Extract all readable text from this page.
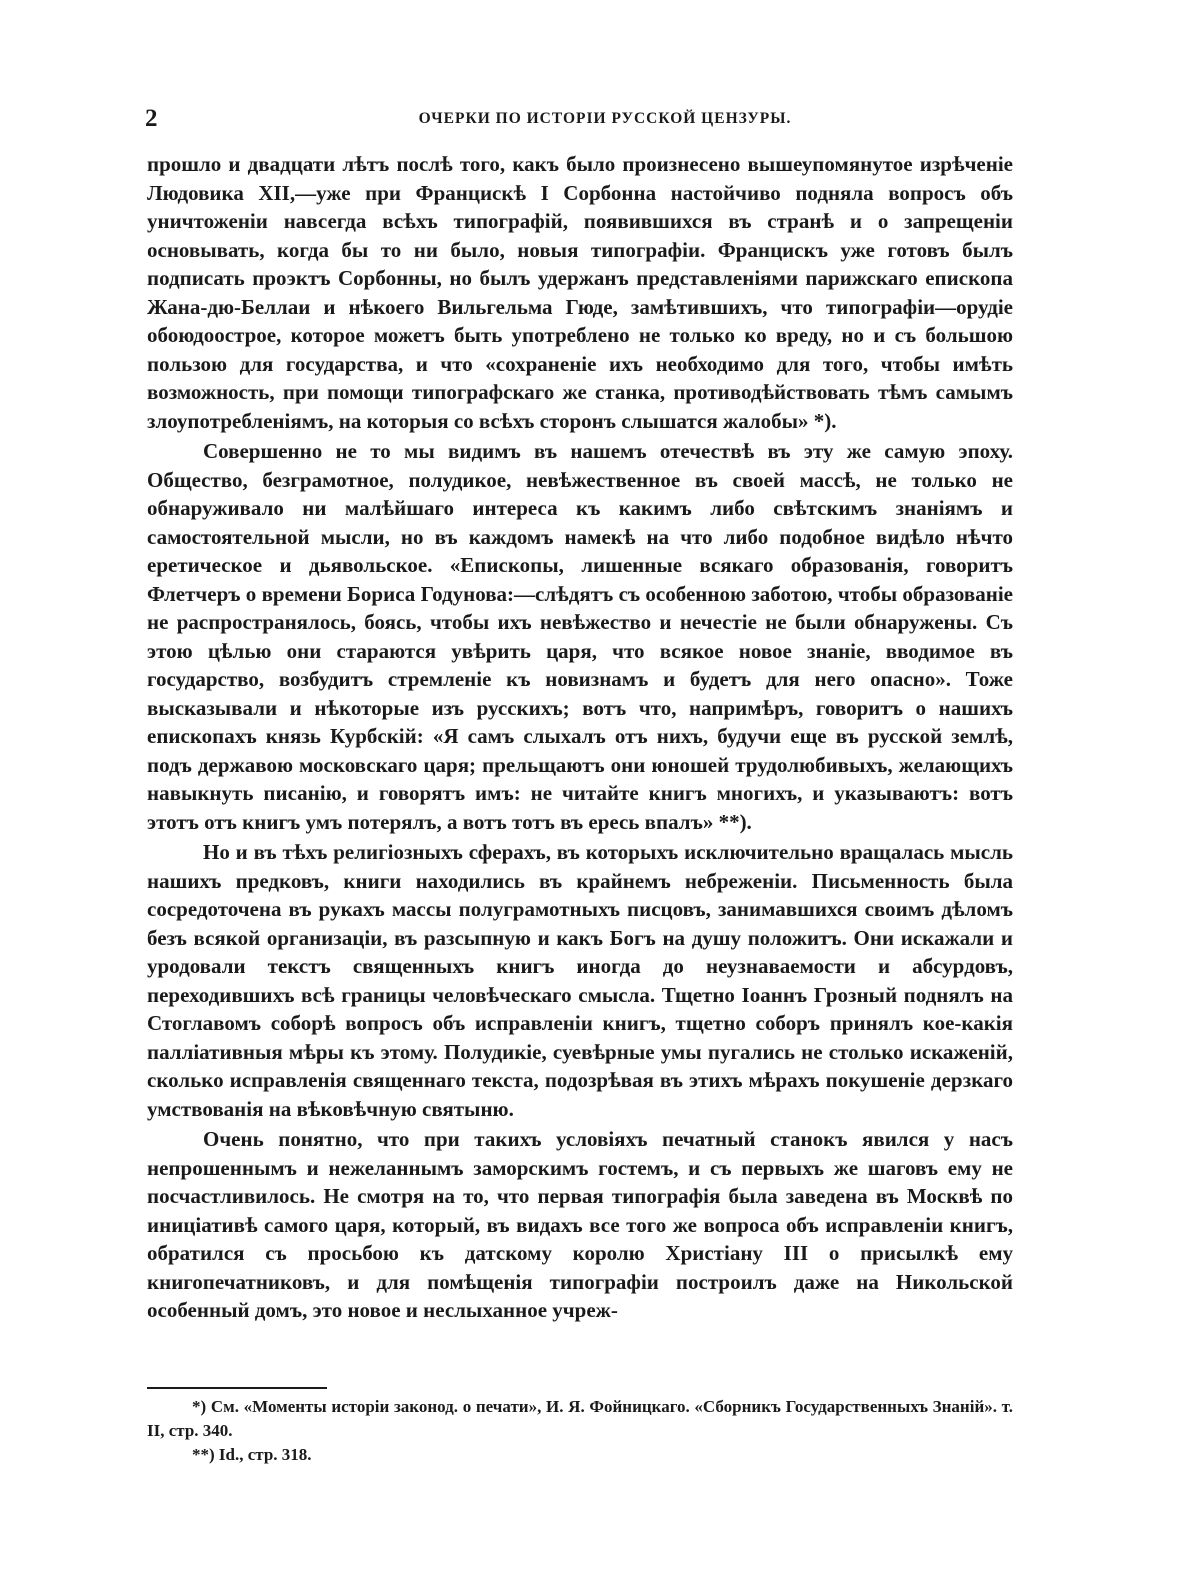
2	ОЧЕРКИ ПО ИСТОРІИ РУССКОЙ ЦЕНЗУРЫ.

прошло и двадцати лѣтъ послѣ того, какъ было произнесено вышеупомянутое изрѣченіе Людовика XII,—уже при Францискѣ I Сорбонна настойчиво подняла вопросъ объ уничтоженіи навсегда всѣхъ типографій, появившихся въ странѣ и о запрещеніи основывать, когда бы то ни было, новыя типографіи. Францискъ уже готовъ былъ подписать проэктъ Сорбонны, но былъ удержанъ представленіями парижскаго епископа Жана-дю-Беллаи и нѣкоего Вильгельма Гюде, замѣтившихъ, что типографіи—орудіе обоюдоострое, которое можетъ быть употреблено не только ко вреду, но и съ большою пользою для государства, и что «сохраненіе ихъ необходимо для того, чтобы имѣть возможность, при помощи типографскаго же станка, противодѣйствовать тѣмъ самымъ злоупотребленіямъ, на которыя со всѣхъ сторонъ слышатся жалобы» *).

Совершенно не то мы видимъ въ нашемъ отечествѣ въ эту же самую эпоху. Общество, безграмотное, полудикое, невѣжественное въ своей массѣ, не только не обнаруживало ни малѣйшаго интереса къ какимъ либо свѣтскимъ знаніямъ и самостоятельной мысли, но въ каждомъ намекѣ на что либо подобное видѣло нѣчто еретическое и дьявольское. «Епископы, лишенные всякаго образованія, говоритъ Флетчеръ о времени Бориса Годунова:—слѣдятъ съ особенною заботою, чтобы образованіе не распространялось, боясь, чтобы ихъ невѣжество и нечестіе не были обнаружены. Съ этою цѣлью они стараются увѣрить царя, что всякое новое знаніе, вводимое въ государство, возбудитъ стремленіе къ новизнамъ и будетъ для него опасно». Тоже высказывали и нѣкоторые изъ русскихъ; вотъ что, напримѣръ, говоритъ о нашихъ епископахъ князь Курбскій: «Я самъ слыхалъ отъ нихъ, будучи еще въ русской землѣ, подъ державою московскаго царя; прельщаютъ они юношей трудолюбивыхъ, желающихъ навыкнуть писанію, и говорятъ имъ: не читайте книгъ многихъ, и указываютъ: вотъ этотъ отъ книгъ умъ потерялъ, а вотъ тотъ въ ересь впалъ» **).

Но и въ тѣхъ религіозныхъ сферахъ, въ которыхъ исключительно вращалась мысль нашихъ предковъ, книги находились въ крайнемъ небреженіи. Письменность была сосредоточена въ рукахъ массы полуграмотныхъ писцовъ, занимавшихся своимъ дѣломъ безъ всякой организаціи, въ разсыпную и какъ Богъ на душу положитъ. Они искажали и уродовали текстъ священныхъ книгъ иногда до неузнаваемости и абсурдовъ, переходившихъ всѣ границы человѣческаго смысла. Тщетно Іоаннъ Грозный поднялъ на Стоглавомъ соборѣ вопросъ объ исправленіи книгъ, тщетно соборъ принялъ кое-какія палліативныя мѣры къ этому. Полудикіе, суевѣрные умы пугались не столько искаженій, сколько исправленія священнаго текста, подозрѣвая въ этихъ мѣрахъ покушеніе дерзкаго умствованія на вѣковѣчную святыню.

Очень понятно, что при такихъ условіяхъ печатный станокъ явился у насъ непрошеннымъ и нежеланнымъ заморскимъ гостемъ, и съ первыхъ же шаговъ ему не посчастливилось. Не смотря на то, что первая типографія была заведена въ Москвѣ по иниціативѣ самого царя, который, въ видахъ все того же вопроса объ исправленіи книгъ, обратился съ просьбою къ датскому королю Христіану III о присылкѣ ему книгопечатниковъ, и для помѣщенія типографіи построилъ даже на Никольской особенный домъ, это новое и неслыханное учреж-

*) См. «Моменты исторіи законод. о печати», И. Я. Фойницкаго. «Сборникъ Государственныхъ Знаній». т. II, стр. 340.

**) Id., стр. 318.
